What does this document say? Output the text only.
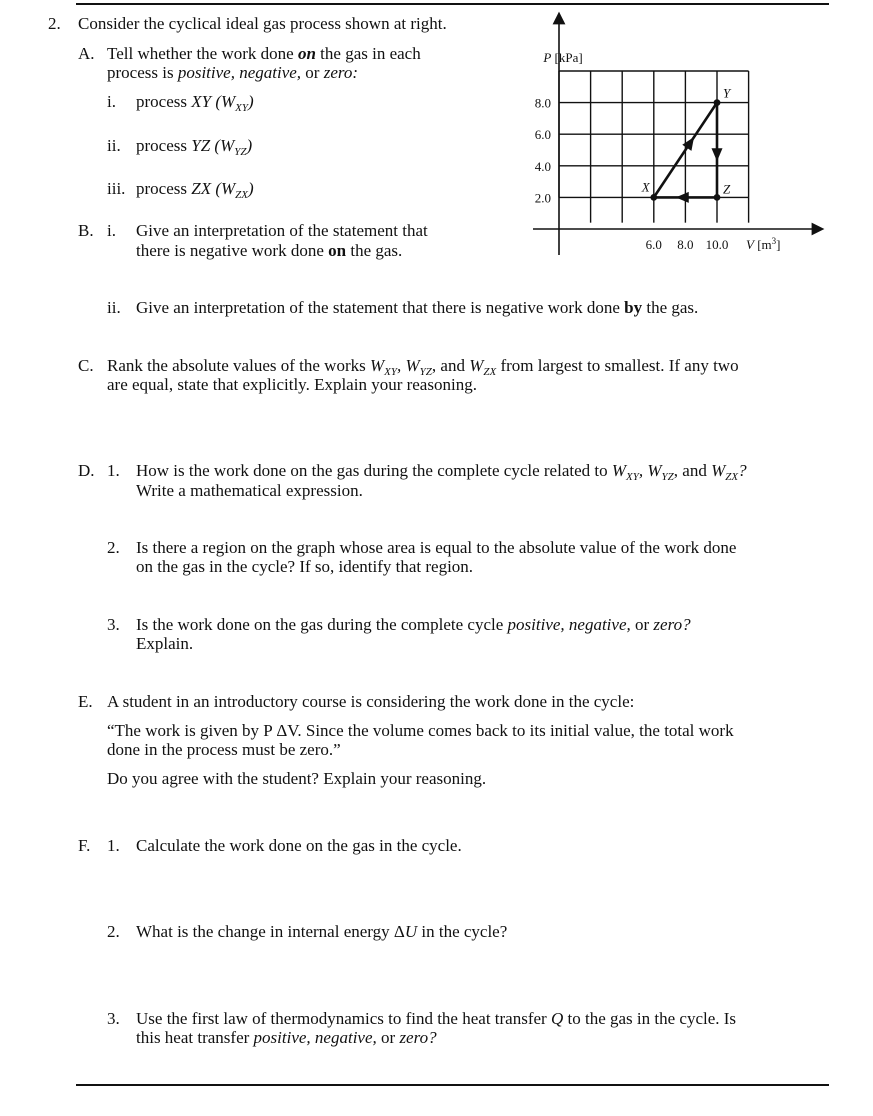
2. Consider the cyclical ideal gas process shown at right.
A. Tell whether the work done on the gas in each
process is positive, negative, or zero:
i. process XY $(W_{XY})$
ii. process YZ $(W_{YZ})$
iii. process ZX $(W_{ZX})$
B. i. Give an interpretation of the statement that
there is negative work done on the gas.
ii. Give an interpretation of the statement that there is negative work done by the gas.
C. Rank the absolute values of the works $W_{XY}$, $W_{YZ}$, and $W_{ZX}$ from largest to smallest. If any two
are equal, state that explicitly. Explain your reasoning.
D. 1. How is the work done on the gas during the complete cycle related to $W_{XY}$, $W_{YZ}$, and $W_{ZX}$?
Write a mathematical expression.
2. Is there a region on the graph whose area is equal to the absolute value of the work done
on the gas in the cycle? If so, identify that region.
3. Is the work done on the gas during the complete cycle positive, negative, or zero?
Explain.
E. A student in an introductory course is considering the work done in the cycle:
“The work is given by P ΔV. Since the volume comes back to its initial value, the total work
done in the process must be zero.”
Do you agree with the student? Explain your reasoning.
F. 1. Calculate the work done on the gas in the cycle.
2. What is the change in internal energy ΔU in the cycle?
3. Use the first law of thermodynamics to find the heat transfer Q to the gas in the cycle. Is
this heat transfer positive, negative, or zero?
2.0
4.0
6.0
8.0
6.0 8.0 10.0
P [kPa]
V $[m^3]$
X
Y
Z
